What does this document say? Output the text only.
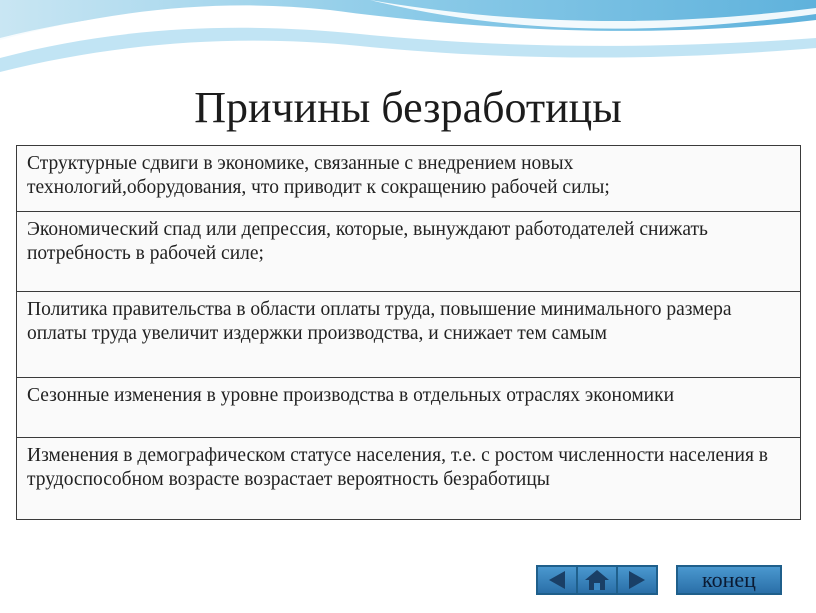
Причины безработицы
Структурные сдвиги в экономике, связанные с внедрением новых технологий,оборудования, что приводит к сокращению рабочей силы;
Экономический спад или депрессия, которые, вынуждают работодателей снижать потребность в рабочей силе;
Политика правительства в области оплаты труда, повышение минимального размера оплаты труда увеличит издержки производства, и снижает тем самым
Сезонные изменения в уровне производства в отдельных отраслях экономики
Изменения в демографическом статусе населения, т.е. с ростом численности населения в трудоспособном возрасте возрастает вероятность безработицы
конец
